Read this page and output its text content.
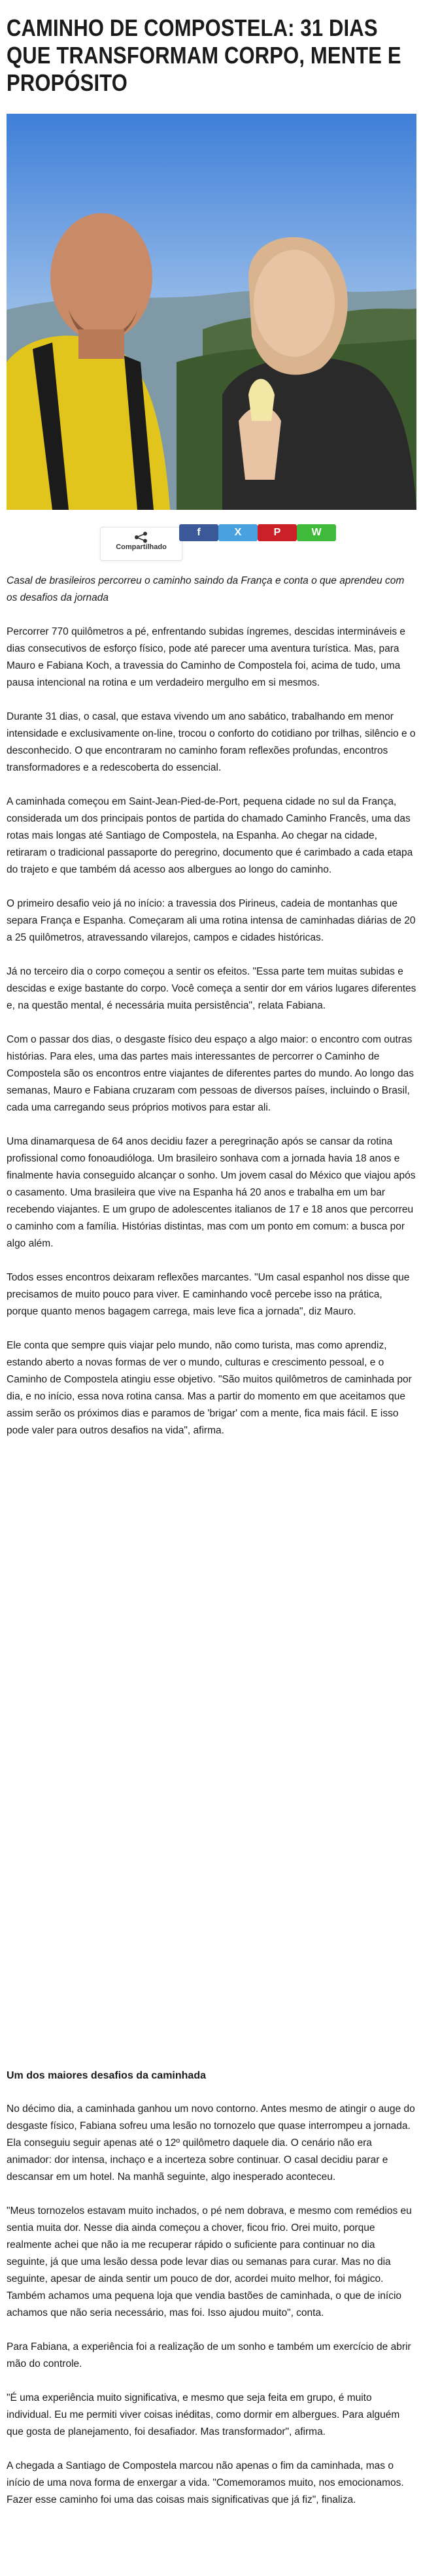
CAMINHO DE COMPOSTELA: 31 DIAS QUE TRANSFORMAM CORPO, MENTE E PROPÓSITO
Compartilhado
f	X	P	W

Casal de brasileiros percorreu o caminho saindo da França e conta o que aprendeu com os desafios da jornada

Percorrer 770 quilômetros a pé, enfrentando subidas íngremes, descidas intermináveis e dias consecutivos de esforço físico, pode até parecer uma aventura turística. Mas, para Mauro e Fabiana Koch, a travessia do Caminho de Compostela foi, acima de tudo, uma pausa intencional na rotina e um verdadeiro mergulho em si mesmos.

Durante 31 dias, o casal, que estava vivendo um ano sabático, trabalhando em menor intensidade e exclusivamente on-line, trocou o conforto do cotidiano por trilhas, silêncio e o desconhecido. O que encontraram no caminho foram reflexões profundas, encontros transformadores e a redescoberta do essencial.

A caminhada começou em Saint-Jean-Pied-de-Port, pequena cidade no sul da França, considerada um dos principais pontos de partida do chamado Caminho Francês, uma das rotas mais longas até Santiago de Compostela, na Espanha. Ao chegar na cidade, retiraram o tradicional passaporte do peregrino, documento que é carimbado a cada etapa do trajeto e que também dá acesso aos albergues ao longo do caminho.

O primeiro desafio veio já no início: a travessia dos Pirineus, cadeia de montanhas que separa França e Espanha. Começaram ali uma rotina intensa de caminhadas diárias de 20 a 25 quilômetros, atravessando vilarejos, campos e cidades históricas.

Já no terceiro dia o corpo começou a sentir os efeitos. "Essa parte tem muitas subidas e descidas e exige bastante do corpo. Você começa a sentir dor em vários lugares diferentes e, na questão mental, é necessária muita persistência", relata Fabiana.

Com o passar dos dias, o desgaste físico deu espaço a algo maior: o encontro com outras histórias. Para eles, uma das partes mais interessantes de percorrer o Caminho de Compostela são os encontros entre viajantes de diferentes partes do mundo. Ao longo das semanas, Mauro e Fabiana cruzaram com pessoas de diversos países, incluindo o Brasil, cada uma carregando seus próprios motivos para estar ali.

Uma dinamarquesa de 64 anos decidiu fazer a peregrinação após se cansar da rotina profissional como fonoaudióloga. Um brasileiro sonhava com a jornada havia 18 anos e finalmente havia conseguido alcançar o sonho. Um jovem casal do México que viajou após o casamento. Uma brasileira que vive na Espanha há 20 anos e trabalha em um bar recebendo viajantes. E um grupo de adolescentes italianos de 17 e 18 anos que percorreu o caminho com a família. Histórias distintas, mas com um ponto em comum: a busca por algo além.

Todos esses encontros deixaram reflexões marcantes. "Um casal espanhol nos disse que precisamos de muito pouco para viver. E caminhando você percebe isso na prática, porque quanto menos bagagem carrega, mais leve fica a jornada", diz Mauro.

Ele conta que sempre quis viajar pelo mundo, não como turista, mas como aprendiz, estando aberto a novas formas de ver o mundo, culturas e crescimento pessoal, e o Caminho de Compostela atingiu esse objetivo. "São muitos quilômetros de caminhada por dia, e no início, essa nova rotina cansa. Mas a partir do momento em que aceitamos que assim serão os próximos dias e paramos de 'brigar' com a mente, fica mais fácil. E isso pode valer para outros desafios na vida", afirma.

Um dos maiores desafios da caminhada

No décimo dia, a caminhada ganhou um novo contorno. Antes mesmo de atingir o auge do desgaste físico, Fabiana sofreu uma lesão no tornozelo que quase interrompeu a jornada. Ela conseguiu seguir apenas até o 12º quilômetro daquele dia. O cenário não era animador: dor intensa, inchaço e a incerteza sobre continuar. O casal decidiu parar e descansar em um hotel. Na manhã seguinte, algo inesperado aconteceu.

"Meus tornozelos estavam muito inchados, o pé nem dobrava, e mesmo com remédios eu sentia muita dor. Nesse dia ainda começou a chover, ficou frio. Orei muito, porque realmente achei que não ia me recuperar rápido o suficiente para continuar no dia seguinte, já que uma lesão dessa pode levar dias ou semanas para curar. Mas no dia seguinte, apesar de ainda sentir um pouco de dor, acordei muito melhor, foi mágico. Também achamos uma pequena loja que vendia bastões de caminhada, o que de início achamos que não seria necessário, mas foi. Isso ajudou muito", conta.

Para Fabiana, a experiência foi a realização de um sonho e também um exercício de abrir mão do controle.

"É uma experiência muito significativa, e mesmo que seja feita em grupo, é muito individual. Eu me permiti viver coisas inéditas, como dormir em albergues. Para alguém que gosta de planejamento, foi desafiador. Mas transformador", afirma.

A chegada a Santiago de Compostela marcou não apenas o fim da caminhada, mas o início de uma nova forma de enxergar a vida. "Comemoramos muito, nos emocionamos. Fazer esse caminho foi uma das coisas mais significativas que já fiz", finaliza.
